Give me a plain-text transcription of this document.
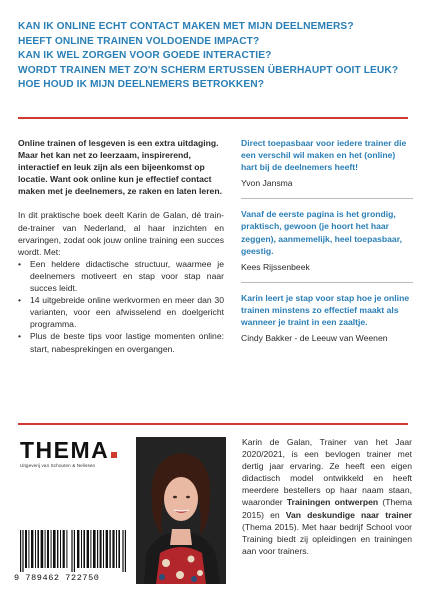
KAN IK ONLINE ECHT CONTACT MAKEN MET MIJN DEELNEMERS?
HEEFT ONLINE TRAINEN VOLDOENDE IMPACT?
KAN IK WEL ZORGEN VOOR GOEDE INTERACTIE?
WORDT TRAINEN MET ZO'N SCHERM ERTUSSEN ÜBERHAUPT OOIT LEUK?
HOE HOUD IK MIJN DEELNEMERS BETROKKEN?

Online trainen of lesgeven is een extra uitdaging. Maar het kan net zo leerzaam, inspirerend, interactief en leuk zijn als een bijeenkomst op locatie. Want ook online kun je effectief contact maken met je deelnemers, ze raken en laten leren.

In dit praktische boek deelt Karin de Galan, dé train-de-trainer van Nederland, al haar inzichten en ervaringen, zodat ook jouw online training een succes wordt. Met:

• Een heldere didactische structuur, waarmee je deelnemers motiveert en stap voor stap naar succes leidt.
• 14 uitgebreide online werkvormen en meer dan 30 varianten, voor een afwisselend en doelgericht programma.
• Plus de beste tips voor lastige momenten online: start, nabesprekingen en overgangen.

Direct toepasbaar voor iedere trainer die een verschil wil maken en het (online) hart bij de deelnemers heeft!

Yvon Jansma

Vanaf de eerste pagina is het grondig, praktisch, gewoon (je hoort het haar zeggen), aanmemelijk, heel toepasbaar, geestig.

Kees Rijssenbeek

Karin leert je stap voor stap hoe je online trainen minstens zo effectief maakt als wanneer je traint in een zaaltje.

Cindy Bakker - de Leeuw van Weenen

THEMA
Uitgeverij van Schouten & Nelissen
9 789462 722750

Karin de Galan, Trainer van het Jaar 2020/2021, is een bevlogen trainer met dertig jaar ervaring. Ze heeft een eigen didactisch model ontwikkeld en heeft meerdere bestellers op haar naam staan, waaronder Trainingen ontwerpen (Thema 2015) en Van deskundige naar trainer (Thema 2015). Met haar bedrijf School voor Training biedt zij opleidingen en trainingen aan voor trainers.
